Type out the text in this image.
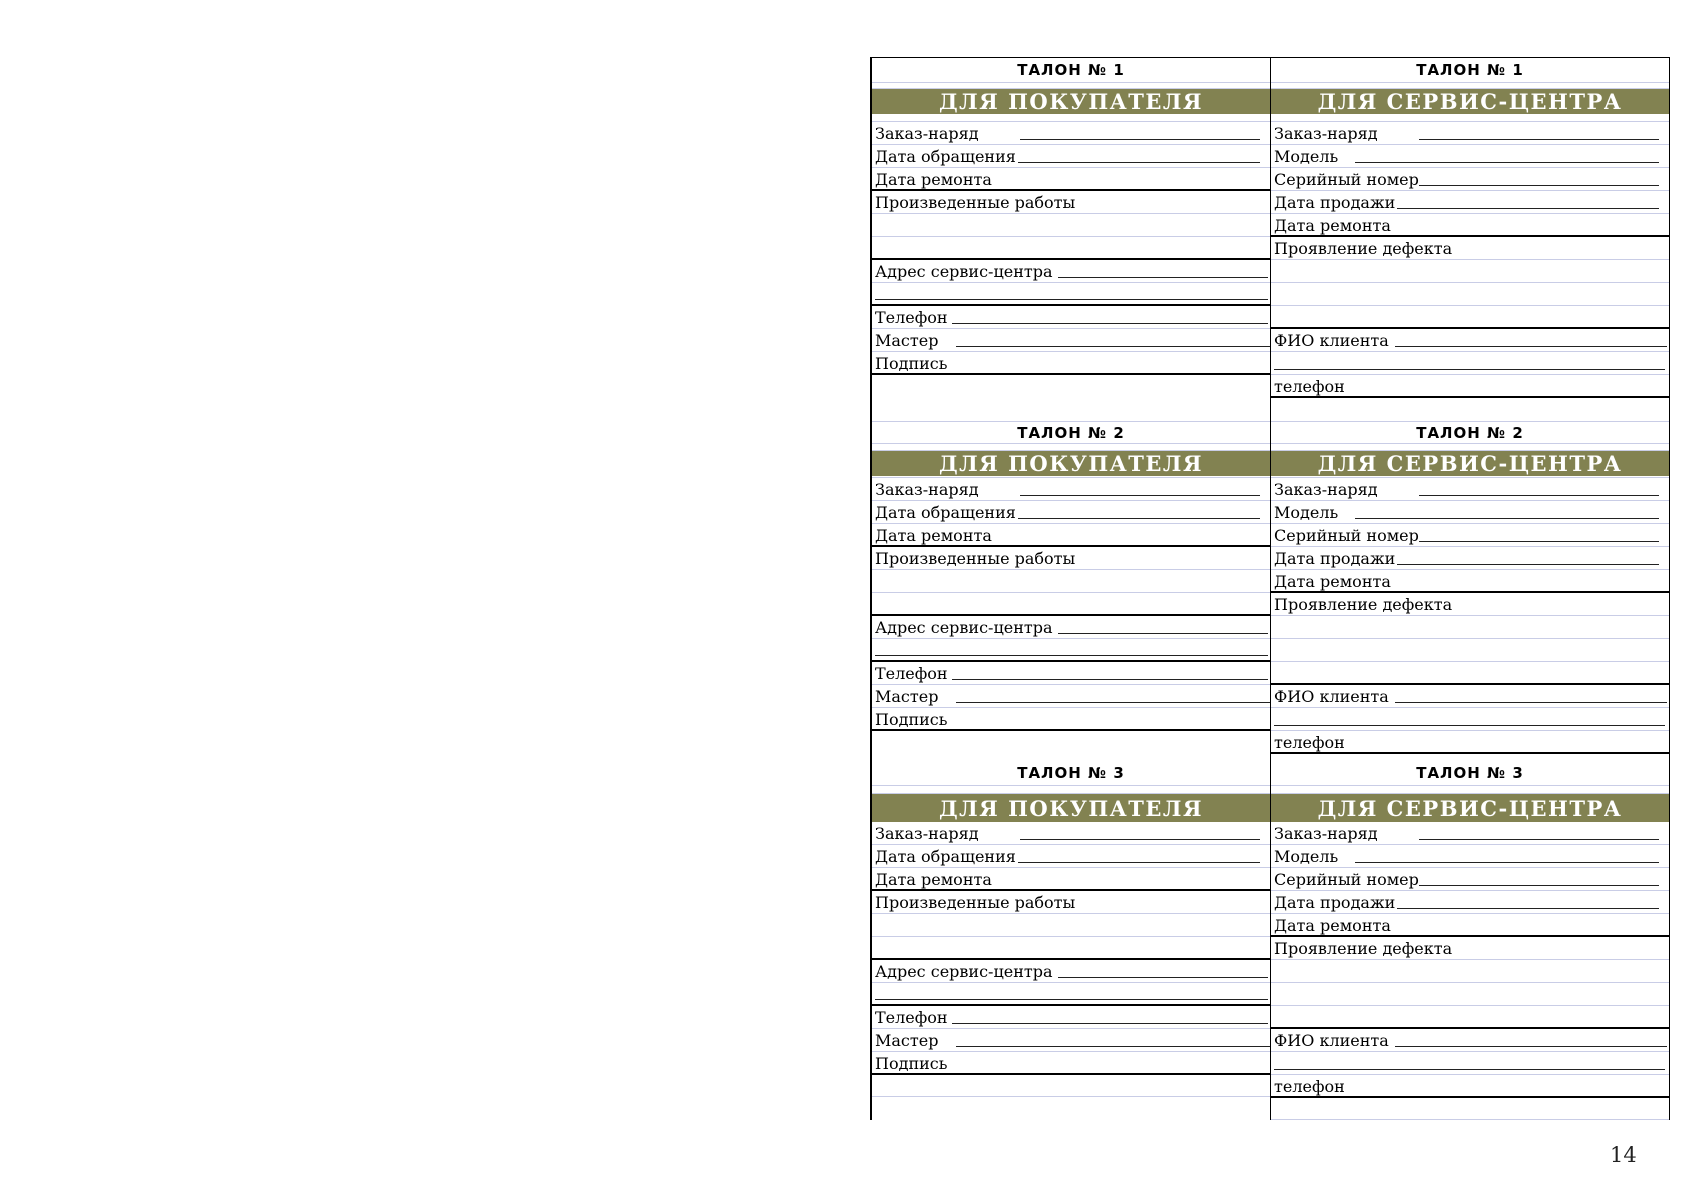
ТАЛОН № 1
ДЛЯ ПОКУПАТЕЛЯ
Заказ-наряд
Дата обращения
Дата ремонта
Произведенные работы
Адрес сервис-центра
Телефон
Мастер
Подпись
ТАЛОН № 1
ДЛЯ СЕРВИС-ЦЕНТРА
Заказ-наряд
Модель
Серийный номер
Дата продажи
Дата ремонта
Проявление дефекта
ФИО клиента
телефон
ТАЛОН № 2
ДЛЯ ПОКУПАТЕЛЯ
Заказ-наряд
Дата обращения
Дата ремонта
Произведенные работы
Адрес сервис-центра
Телефон
Мастер
Подпись
ТАЛОН № 2
ДЛЯ СЕРВИС-ЦЕНТРА
Заказ-наряд
Модель
Серийный номер
Дата продажи
Дата ремонта
Проявление дефекта
ФИО клиента
телефон
ТАЛОН № 3
ДЛЯ ПОКУПАТЕЛЯ
Заказ-наряд
Дата обращения
Дата ремонта
Произведенные работы
Адрес сервис-центра
Телефон
Мастер
Подпись
ТАЛОН № 3
ДЛЯ СЕРВИС-ЦЕНТРА
Заказ-наряд
Модель
Серийный номер
Дата продажи
Дата ремонта
Проявление дефекта
ФИО клиента
телефон
14
